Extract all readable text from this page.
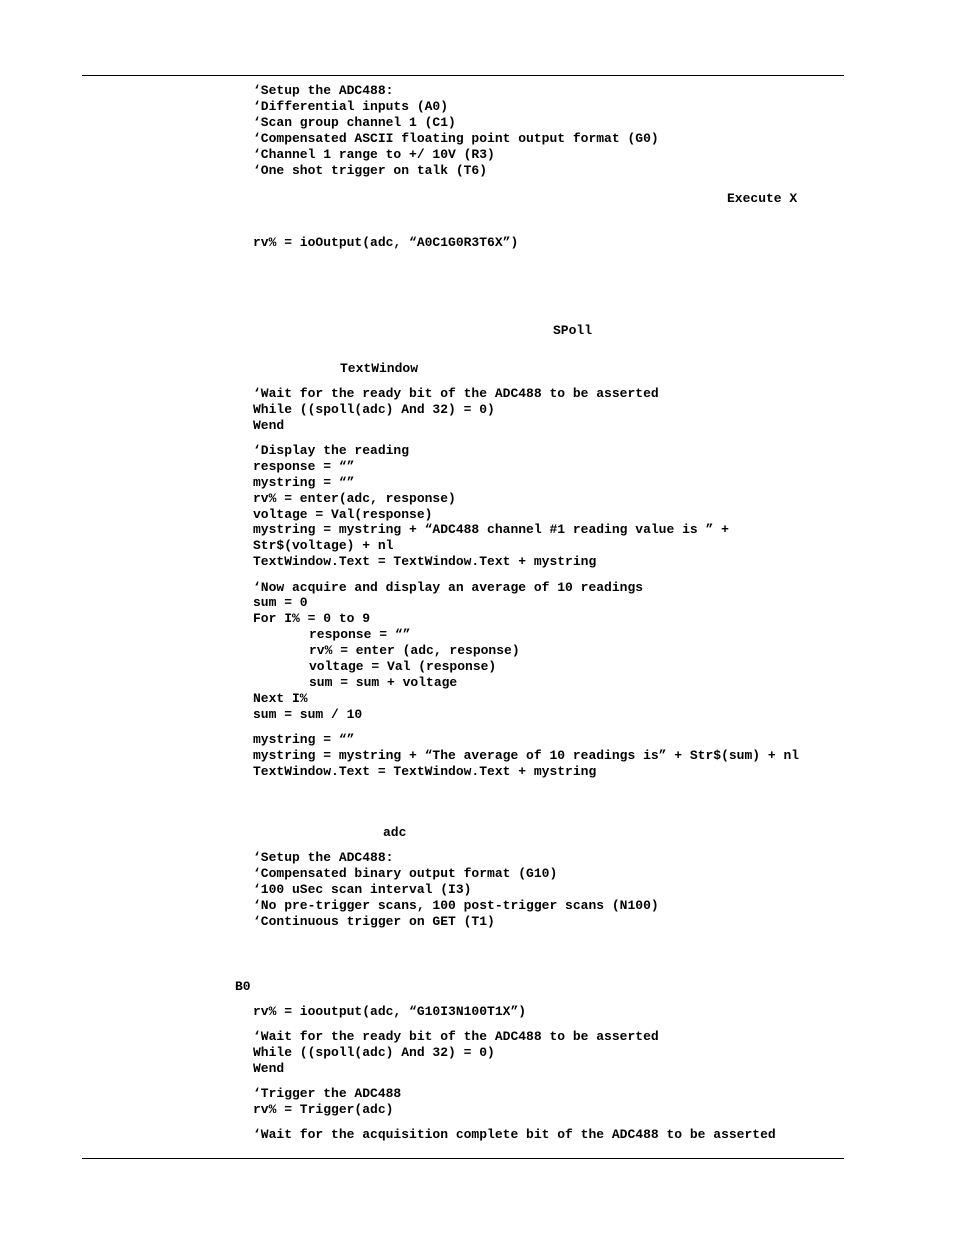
‘Setup the ADC488:
‘Differential inputs (A0)
‘Scan group channel 1 (C1)
‘Compensated ASCII floating point output format (G0)
‘Channel 1 range to +/ 10V (R3)
‘One shot trigger on talk (T6)
Execute X
rv% = ioOutput(adc, “A0C1G0R3T6X”)
SPoll
TextWindow
‘Wait for the ready bit of the ADC488 to be asserted
While ((spoll(adc) And 32) = 0)
Wend
‘Display the reading
response = “”
mystring = “”
rv% = enter(adc, response)
voltage = Val(response)
mystring = mystring + “ADC488 channel #1 reading value is ” +
Str$(voltage) + nl
TextWindow.Text = TextWindow.Text + mystring
‘Now acquire and display an average of 10 readings
sum = 0
For I% = 0 to 9
response = “”
rv% = enter (adc, response)
voltage = Val (response)
sum = sum + voltage
Next I%
sum = sum / 10
mystring = “”
mystring = mystring + “The average of 10 readings is” + Str$(sum) + nl
TextWindow.Text = TextWindow.Text + mystring
adc
‘Setup the ADC488:
‘Compensated binary output format (G10)
‘100 uSec scan interval (I3)
‘No pre-trigger scans, 100 post-trigger scans (N100)
‘Continuous trigger on GET (T1)
B0
rv% = iooutput(adc, “G10I3N100T1X”)
‘Wait for the ready bit of the ADC488 to be asserted
While ((spoll(adc) And 32) = 0)
Wend
‘Trigger the ADC488
rv% = Trigger(adc)
‘Wait for the acquisition complete bit of the ADC488 to be asserted
